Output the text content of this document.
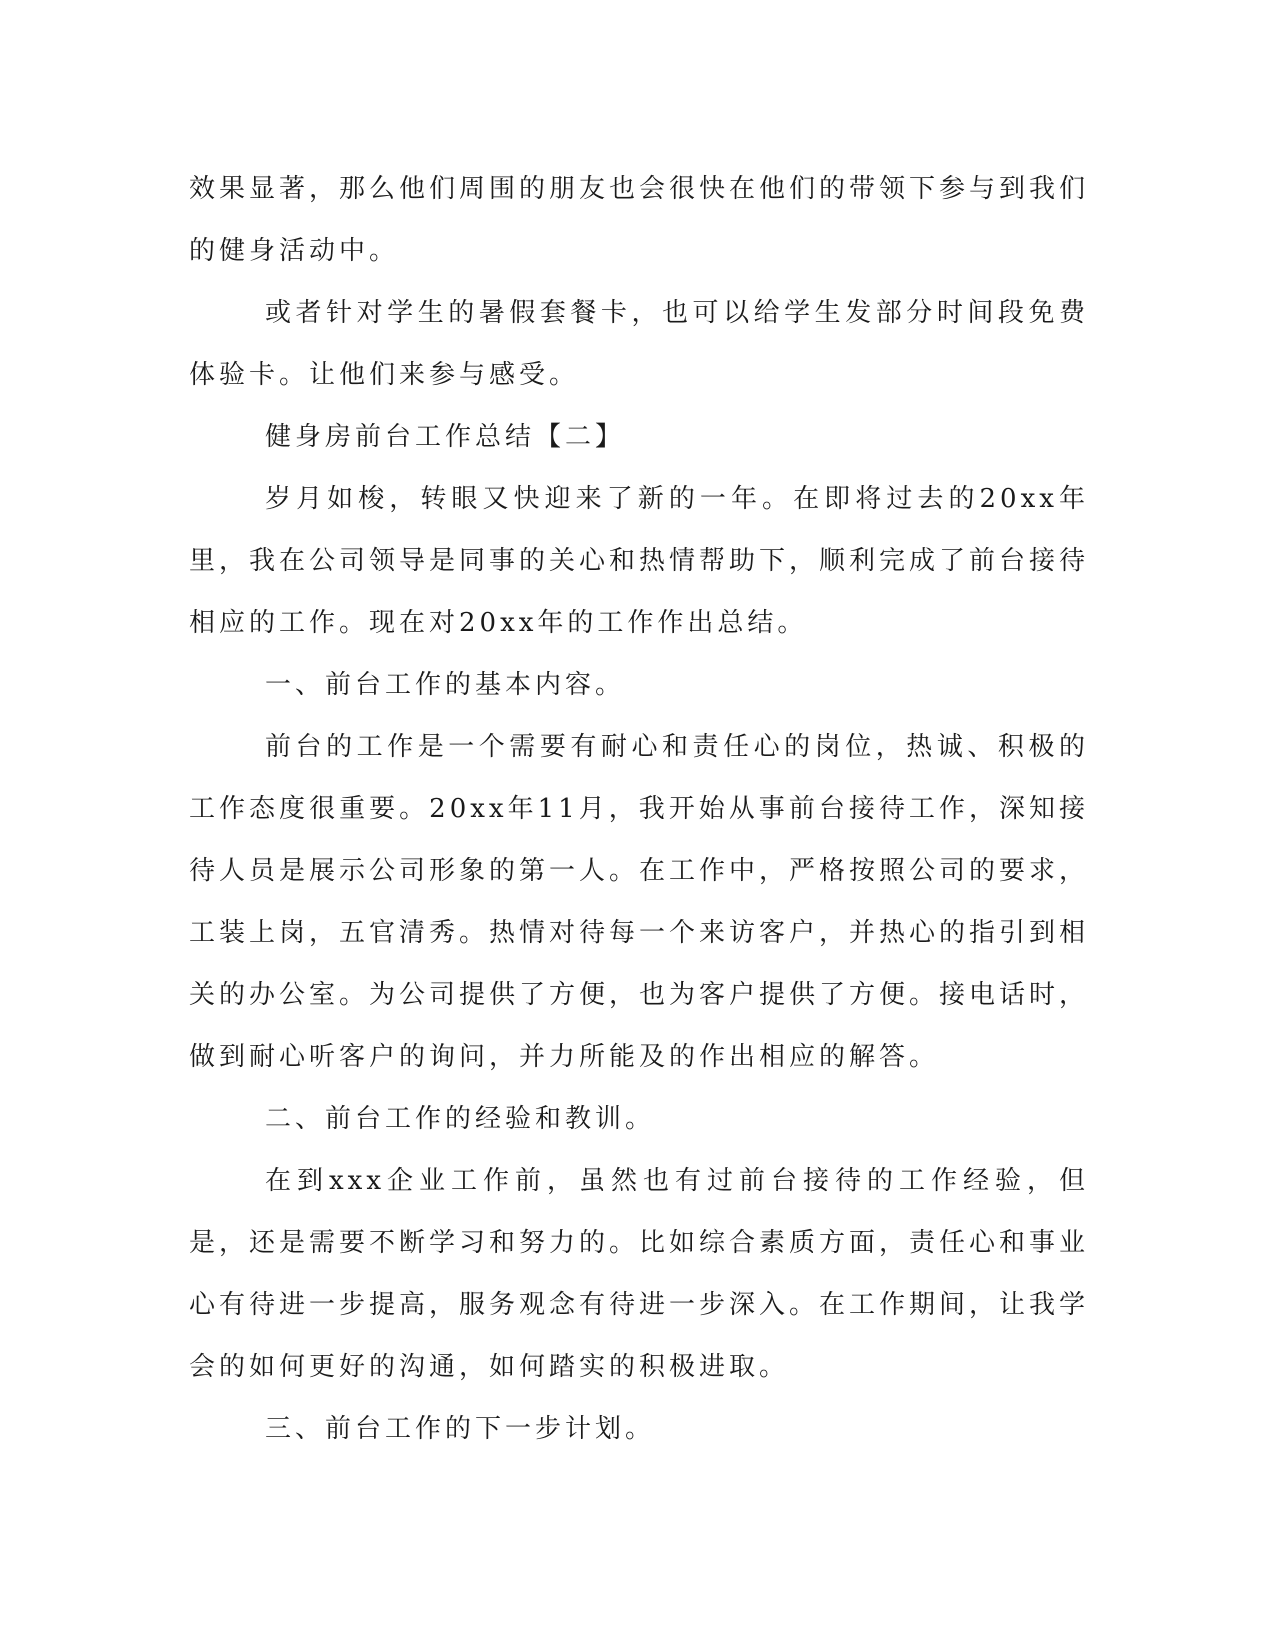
效果显著，那么他们周围的朋友也会很快在他们的带领下参与到我们的健身活动中。

或者针对学生的暑假套餐卡，也可以给学生发部分时间段免费体验卡。让他们来参与感受。

健身房前台工作总结【二】

岁月如梭，转眼又快迎来了新的一年。在即将过去的20xx年里，我在公司领导是同事的关心和热情帮助下，顺利完成了前台接待相应的工作。现在对20xx年的工作作出总结。

一、前台工作的基本内容。

前台的工作是一个需要有耐心和责任心的岗位，热诚、积极的工作态度很重要。20xx年11月，我开始从事前台接待工作，深知接待人员是展示公司形象的第一人。在工作中，严格按照公司的要求，工装上岗，五官清秀。热情对待每一个来访客户，并热心的指引到相关的办公室。为公司提供了方便，也为客户提供了方便。接电话时，做到耐心听客户的询问，并力所能及的作出相应的解答。

二、前台工作的经验和教训。

在到xxx企业工作前，虽然也有过前台接待的工作经验，但是，还是需要不断学习和努力的。比如综合素质方面，责任心和事业心有待进一步提高，服务观念有待进一步深入。在工作期间，让我学会的如何更好的沟通，如何踏实的积极进取。

三、前台工作的下一步计划。
